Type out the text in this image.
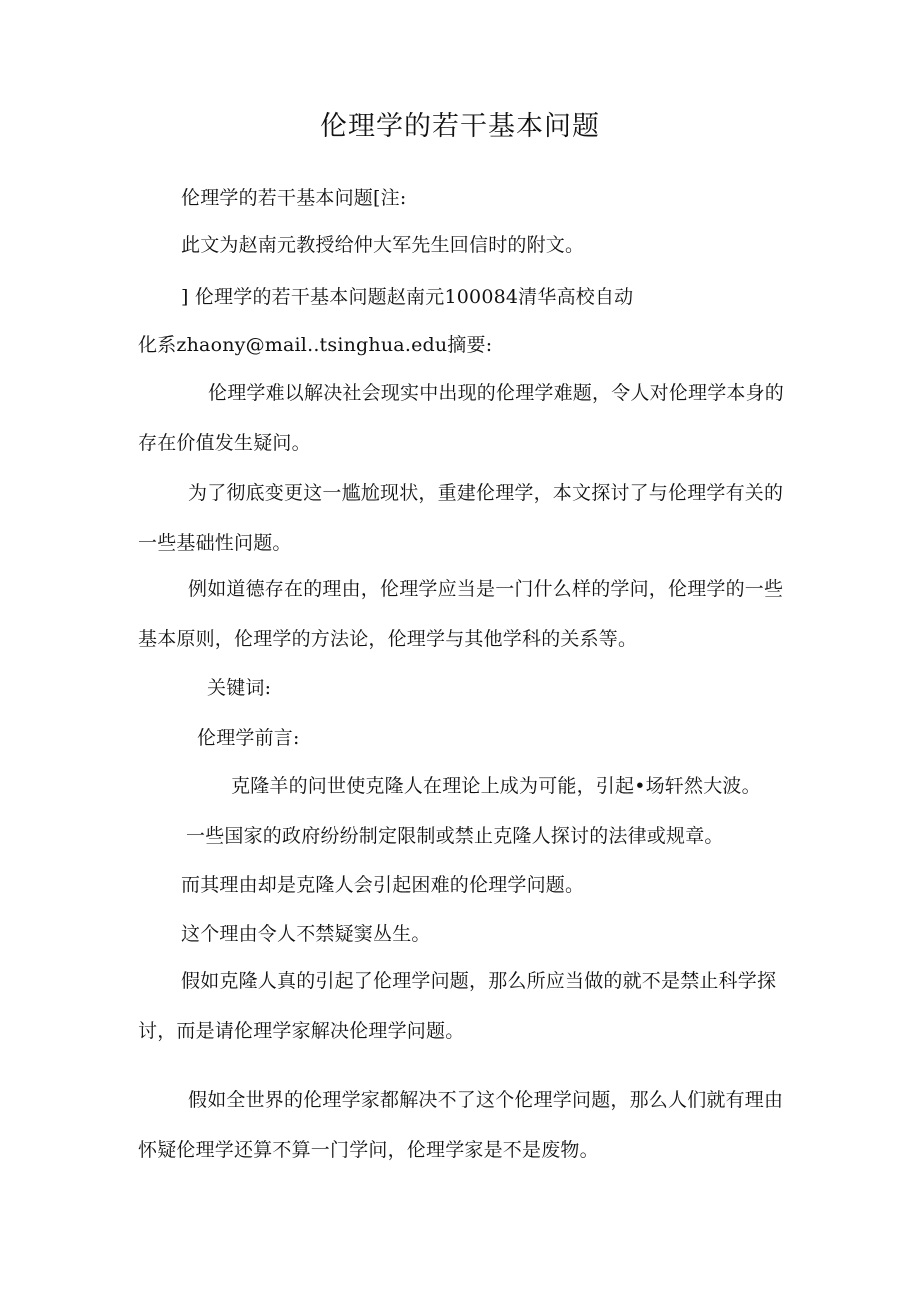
伦理学的若干基本问题

伦理学的若干基本问题[注:

此文为赵南元教授给仲大军先生回信时的附文。

] 伦理学的若干基本问题赵南元100084清华高校自动

化系zhaony@mail..tsinghua.edu摘要:

伦理学难以解决社会现实中出现的伦理学难题，令人对伦理学本身的存在价值发生疑问。

为了彻底变更这一尴尬现状，重建伦理学，本文探讨了与伦理学有关的一些基础性问题。

例如道德存在的理由，伦理学应当是一门什么样的学问，伦理学的一些基本原则，伦理学的方法论，伦理学与其他学科的关系等。

关键词:

伦理学前言:

克隆羊的问世使克隆人在理论上成为可能，引起•场轩然大波。

一些国家的政府纷纷制定限制或禁止克隆人探讨的法律或规章。

而其理由却是克隆人会引起困难的伦理学问题。

这个理由令人不禁疑窦丛生。

假如克隆人真的引起了伦理学问题，那么所应当做的就不是禁止科学探讨，而是请伦理学家解决伦理学问题。

假如全世界的伦理学家都解决不了这个伦理学问题，那么人们就有理由怀疑伦理学还算不算一门学问，伦理学家是不是废物。
